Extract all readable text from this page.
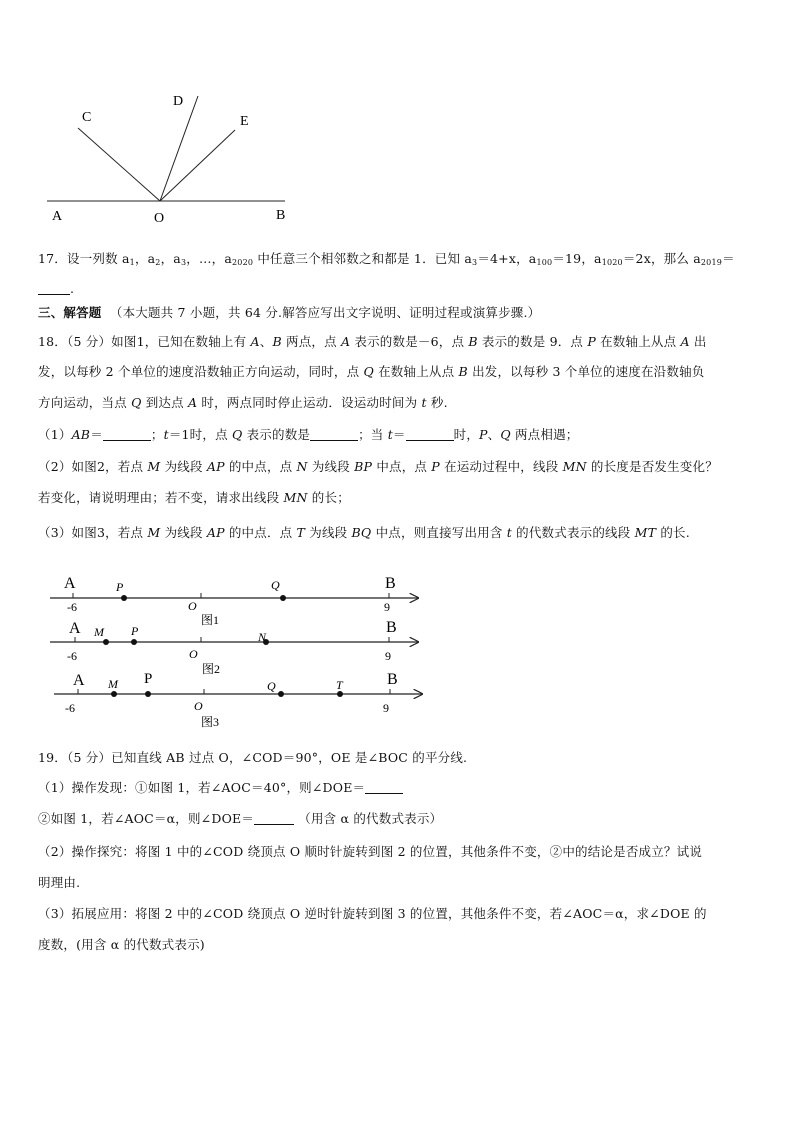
A	O	B
C
D
E
17．设一列数 $a_1$，$a_2$，$a_3$，…，$a_{2020}$ 中任意三个相邻数之和都是 1．已知 $a_3=4+x$，$a_{100}=19$，$a_{1020}=2x$，那么 $a_{2019}=$
.
三、解答题 （本大题共 7 小题，共 64 分.解答应写出文字说明、证明过程或演算步骤.）
18．（5 分）如图1，已知在数轴上有 A、B 两点，点 A 表示的数是－6，点 B 表示的数是 9．点 P 在数轴上从点 A 出
发，以每秒 2 个单位的速度沿数轴正方向运动，同时，点 Q 在数轴上从点 B 出发，以每秒 3 个单位的速度在沿数轴负
方向运动，当点 Q 到达点 A 时，两点同时停止运动．设运动时间为 t 秒.
（1）AB＝	；t＝1时，点 Q 表示的数是	；当 t＝	时，P、Q 两点相遇；
（2）如图2，若点 M 为线段 AP 的中点，点 N 为线段 BP 中点，点 P 在运动过程中，线段 MN 的长度是否发生变化？
若变化，请说明理由；若不变，请求出线段 MN 的长；
（3）如图3，若点 M 为线段 AP 的中点．点 T 为线段 BQ 中点，则直接写出用含 t 的代数式表示的线段 MT 的长.
A	P	Q	B
-6	O
图1
9
A M P	N
B
-6	O
图2
9
A M P	Q	T	B
-6	O
图3
9
19．（5 分）已知直线 AB 过点 O，∠COD＝90°，OE 是∠BOC 的平分线.
（1）操作发现：①如图 1，若∠AOC＝40°，则∠DOE＝
②如图 1，若∠AOC＝α，则∠DOE＝	（用含 α 的代数式表示）
（2）操作探究：将图 1 中的∠COD 绕顶点 O 顺时针旋转到图 2 的位置，其他条件不变，②中的结论是否成立？试说
明理由.
（3）拓展应用：将图 2 中的∠COD 绕顶点 O 逆时针旋转到图 3 的位置，其他条件不变，若∠AOC＝α，求∠DOE 的
度数，(用含 α 的代数式表示)
